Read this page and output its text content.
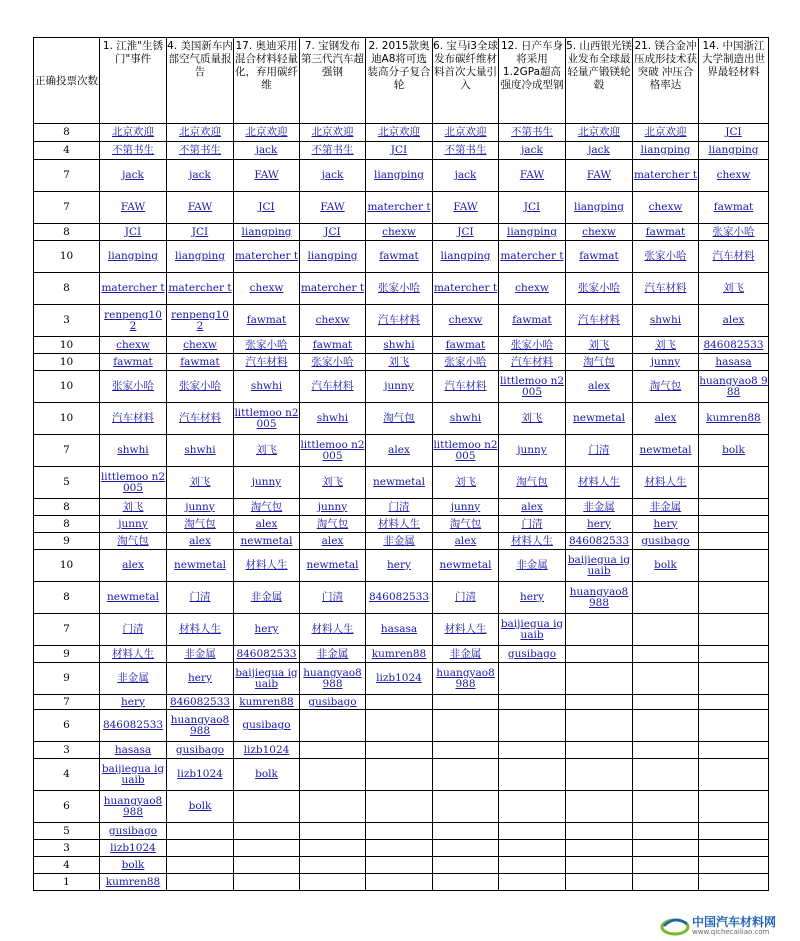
正确投票次数	1. 江淮"生锈门"事件	4. 美国新车内部空气质量报告	17. 奥迪采用混合材料轻量化，弃用碳纤维	7. 宝钢发布第三代汽车超强钢	2. 2015款奥迪A8将可选装高分子复合轮	6. 宝马i3全球发布碳纤维材料首次大量引入	12. 日产车身将采用1.2GPa超高强度冷成型钢	5. 山西银光镁业发布全球最轻量产锻镁轮毂	21. 镁合金冲压成形技术获突破 冲压合格率达	14. 中国浙江大学制造出世界最轻材料
8	北京欢迎	北京欢迎	北京欢迎	北京欢迎	北京欢迎	北京欢迎	不第书生	北京欢迎	北京欢迎	JCI
4	不第书生	不第书生	jack	不第书生	JCI	不第书生	jack	jack	liangping	liangping
7	jack	jack	FAW	jack	liangping	jack	FAW	FAW	matercher t	chexw
7	FAW	FAW	JCI	FAW	matercher t	FAW	JCI	liangping	chexw	fawmat
8	JCI	JCI	liangping	JCI	chexw	JCI	liangping	chexw	fawmat	张家小哈
10	liangping	liangping	matercher t	liangping	fawmat	liangping	matercher t	fawmat	张家小哈	汽车材料
8	matercher t	matercher t	chexw	matercher t	张家小哈	matercher t	chexw	张家小哈	汽车材料	刘飞
3	renpeng10 2	renpeng10 2	fawmat	chexw	汽车材料	chexw	fawmat	汽车材料	shwhi	alex
10	chexw	chexw	张家小哈	fawmat	shwhi	fawmat	张家小哈	刘飞	刘飞	846082533
10	fawmat	fawmat	汽车材料	张家小哈	刘飞	张家小哈	汽车材料	淘气包	junny	hasasa
10	张家小哈	张家小哈	shwhi	汽车材料	junny	汽车材料	littlemoo n2005	alex	淘气包	huangyao8 988
10	汽车材料	汽车材料	littlemoo n2005	shwhi	淘气包	shwhi	刘飞	newmetal	alex	kumren88
7	shwhi	shwhi	刘飞	littlemoo n2005	alex	littlemoo n2005	junny	门清	newmetal	bolk
5	littlemoo n2005	刘飞	junny	刘飞	newmetal	刘飞	淘气包	材料人生	材料人生	
8	刘飞	junny	淘气包	junny	门清	junny	alex	非金属	非金属	
8	junny	淘气包	alex	淘气包	材料人生	淘气包	门清	hery	hery	
9	淘气包	alex	newmetal	alex	非金属	alex	材料人生	846082533	gusibago	
10	alex	newmetal	材料人生	newmetal	hery	newmetal	非金属	baijiegua iguaib	bolk	
8	newmetal	门清	非金属	门清	846082533	门清	hery	huangyao8 988		
7	门清	材料人生	hery	材料人生	hasasa	材料人生	baijiegua iguaib			
9	材料人生	非金属	846082533	非金属	kumren88	非金属	gusibago			
9	非金属	hery	baijiegua iguaib	huangyao8 988	lizb1024	huangyao8 988				
7	hery	846082533	kumren88	gusibago						
6	846082533	huangyao8 988	gusibago							
3	hasasa	gusibago	lizb1024							
4	baijiegua iguaib	lizb1024	bolk							
6	huangyao8 988	bolk								
5	gusibago									
3	lizb1024									
4	bolk									
1	kumren88									
中国汽车材料网
www.qichecailiao.com
